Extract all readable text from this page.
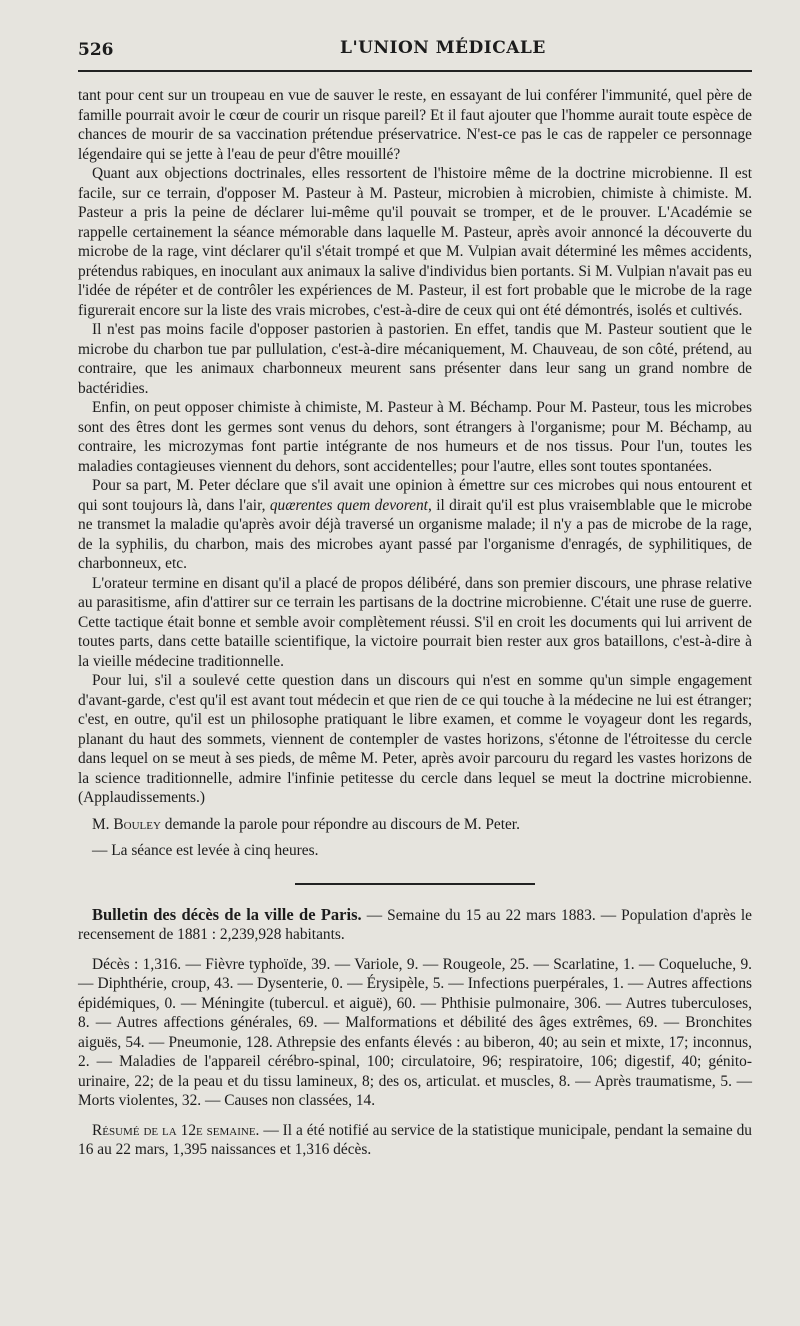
526	L'UNION MÉDICALE

tant pour cent sur un troupeau en vue de sauver le reste, en essayant de lui conférer l'immunité, quel père de famille pourrait avoir le cœur de courir un risque pareil? Et il faut ajouter que l'homme aurait toute espèce de chances de mourir de sa vaccination prétendue préservatrice. N'est-ce pas le cas de rappeler ce personnage légendaire qui se jette à l'eau de peur d'être mouillé?

Quant aux objections doctrinales, elles ressortent de l'histoire même de la doctrine microbienne. Il est facile, sur ce terrain, d'opposer M. Pasteur à M. Pasteur, microbien à microbien, chimiste à chimiste. M. Pasteur a pris la peine de déclarer lui-même qu'il pouvait se tromper, et de le prouver. L'Académie se rappelle certainement la séance mémorable dans laquelle M. Pasteur, après avoir annoncé la découverte du microbe de la rage, vint déclarer qu'il s'était trompé et que M. Vulpian avait déterminé les mêmes accidents, prétendus rabiques, en inoculant aux animaux la salive d'individus bien portants. Si M. Vulpian n'avait pas eu l'idée de répéter et de contrôler les expériences de M. Pasteur, il est fort probable que le microbe de la rage figurerait encore sur la liste des vrais microbes, c'est-à-dire de ceux qui ont été démontrés, isolés et cultivés.

Il n'est pas moins facile d'opposer pastorien à pastorien. En effet, tandis que M. Pasteur soutient que le microbe du charbon tue par pullulation, c'est-à-dire mécaniquement, M. Chauveau, de son côté, prétend, au contraire, que les animaux charbonneux meurent sans présenter dans leur sang un grand nombre de bactéridies.

Enfin, on peut opposer chimiste à chimiste, M. Pasteur à M. Béchamp. Pour M. Pasteur, tous les microbes sont des êtres dont les germes sont venus du dehors, sont étrangers à l'organisme; pour M. Béchamp, au contraire, les microzymas font partie intégrante de nos humeurs et de nos tissus. Pour l'un, toutes les maladies contagieuses viennent du dehors, sont accidentelles; pour l'autre, elles sont toutes spontanées.

Pour sa part, M. Peter déclare que s'il avait une opinion à émettre sur ces microbes qui nous entourent et qui sont toujours là, dans l'air, quærentes quem devorent, il dirait qu'il est plus vraisemblable que le microbe ne transmet la maladie qu'après avoir déjà traversé un organisme malade; il n'y a pas de microbe de la rage, de la syphilis, du charbon, mais des microbes ayant passé par l'organisme d'enragés, de syphilitiques, de charbonneux, etc.

L'orateur termine en disant qu'il a placé de propos délibéré, dans son premier discours, une phrase relative au parasitisme, afin d'attirer sur ce terrain les partisans de la doctrine microbienne. C'était une ruse de guerre. Cette tactique était bonne et semble avoir complètement réussi. S'il en croit les documents qui lui arrivent de toutes parts, dans cette bataille scientifique, la victoire pourrait bien rester aux gros bataillons, c'est-à-dire à la vieille médecine traditionnelle.

Pour lui, s'il a soulevé cette question dans un discours qui n'est en somme qu'un simple engagement d'avant-garde, c'est qu'il est avant tout médecin et que rien de ce qui touche à la médecine ne lui est étranger; c'est, en outre, qu'il est un philosophe pratiquant le libre examen, et comme le voyageur dont les regards, planant du haut des sommets, viennent de contempler de vastes horizons, s'étonne de l'étroitesse du cercle dans lequel on se meut à ses pieds, de même M. Peter, après avoir parcouru du regard les vastes horizons de la science traditionnelle, admire l'infinie petitesse du cercle dans lequel se meut la doctrine microbienne. (Applaudissements.)

M. Bouley demande la parole pour répondre au discours de M. Peter.

— La séance est levée à cinq heures.

Bulletin des décès de la ville de Paris. — Semaine du 15 au 22 mars 1883. — Population d'après le recensement de 1881 : 2,239,928 habitants.

Décès : 1,316. — Fièvre typhoïde, 39. — Variole, 9. — Rougeole, 25. — Scarlatine, 1. — Coqueluche, 9. — Diphthérie, croup, 43. — Dysenterie, 0. — Érysipèle, 5. — Infections puerpérales, 1. — Autres affections épidémiques, 0. — Méningite (tubercul. et aiguë), 60. — Phthisie pulmonaire, 306. — Autres tuberculoses, 8. — Autres affections générales, 69. — Malformations et débilité des âges extrêmes, 69. — Bronchites aiguës, 54. — Pneumonie, 128. Athrepsie des enfants élevés : au biberon, 40; au sein et mixte, 17; inconnus, 2. — Maladies de l'appareil cérébro-spinal, 100; circulatoire, 96; respiratoire, 106; digestif, 40; génito-urinaire, 22; de la peau et du tissu lamineux, 8; des os, articulat. et muscles, 8. — Après traumatisme, 5. — Morts violentes, 32. — Causes non classées, 14.

Résumé de la 12e semaine. — Il a été notifié au service de la statistique municipale, pendant la semaine du 16 au 22 mars, 1,395 naissances et 1,316 décès.
